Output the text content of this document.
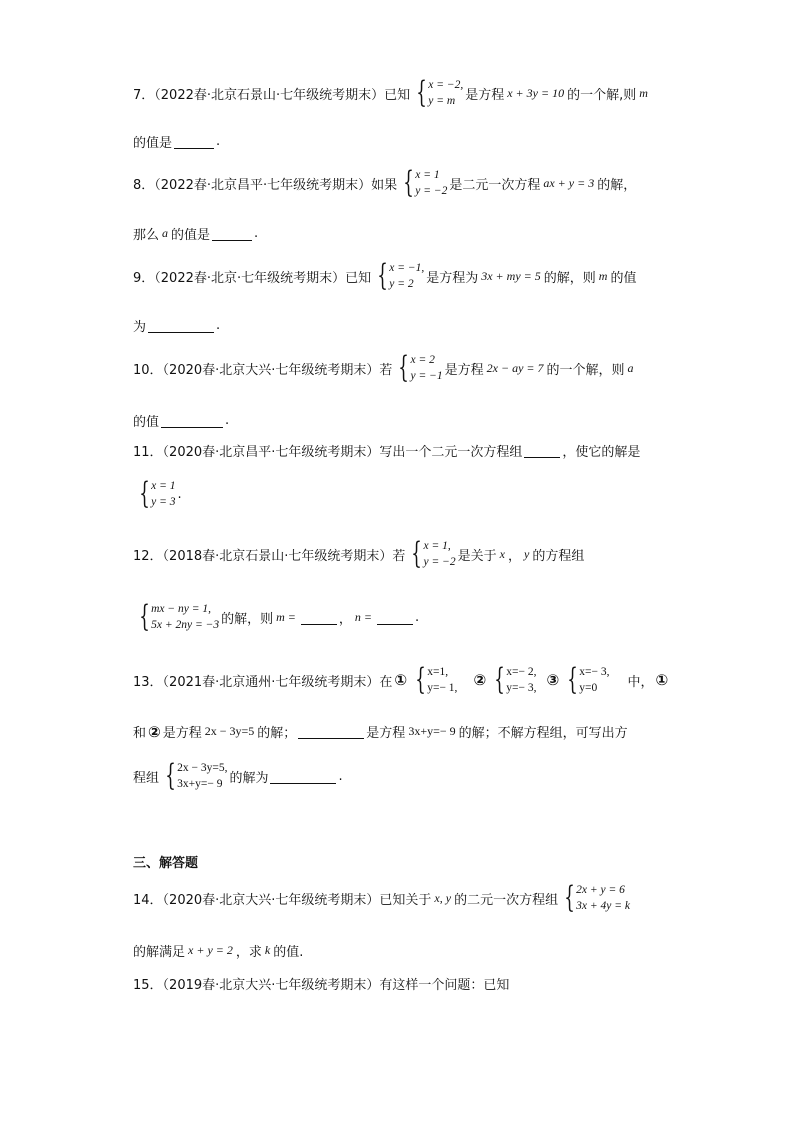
7．（2022春·北京石景山·七年级统考期末）已知 { x = −2,
y = m 是方程 x + 3y = 10 的一个解,则 m
的值是	.
8．（2022春·北京昌平·七年级统考期末）如果 { x = 1
y = −2 是二元一次方程 ax + y = 3 的解，
那么 a 的值是	.
9．（2022春·北京·七年级统考期末）已知 { x = −1,
y = 2 是方程为 3x + my = 5 的解，则 m 的值
为	.
10．（2020春·北京大兴·七年级统考期末）若 { x = 2
y = −1 是方程 2x − ay = 7 的一个解，则 a
的值	.
11．（2020春·北京昌平·七年级统考期末）写出一个二元一次方程组	，使它的解是
{ x = 1
y = 3
.
12．（2018春·北京石景山·七年级统考期末）若 { x = 1,
y = −2 是关于 x ， y 的方程组
{ mx − ny = 1,
5x + 2ny = −3 的解，则 m =	， n =	.
13．（2021春·北京通州·七年级统考期末）在 ① { x=1,
y=− 1, ② { x=− 2,
y=− 3, ③ { x=− 3,
y=0	中， ①
和 ② 是方程 2x − 3y=5 的解；	是方程 3x+y=− 9 的解；不解方程组，可写出方
程组 { 2x − 3y=5,
3x+y=− 9 的解为	.
三、解答题
14．（2020春·北京大兴·七年级统考期末）已知关于 x, y 的二元一次方程组 { 2x + y = 6
3x + 4y = k
的解满足 x + y = 2 ，求 k 的值.
15．（2019春·北京大兴·七年级统考期末）有这样一个问题：已知
